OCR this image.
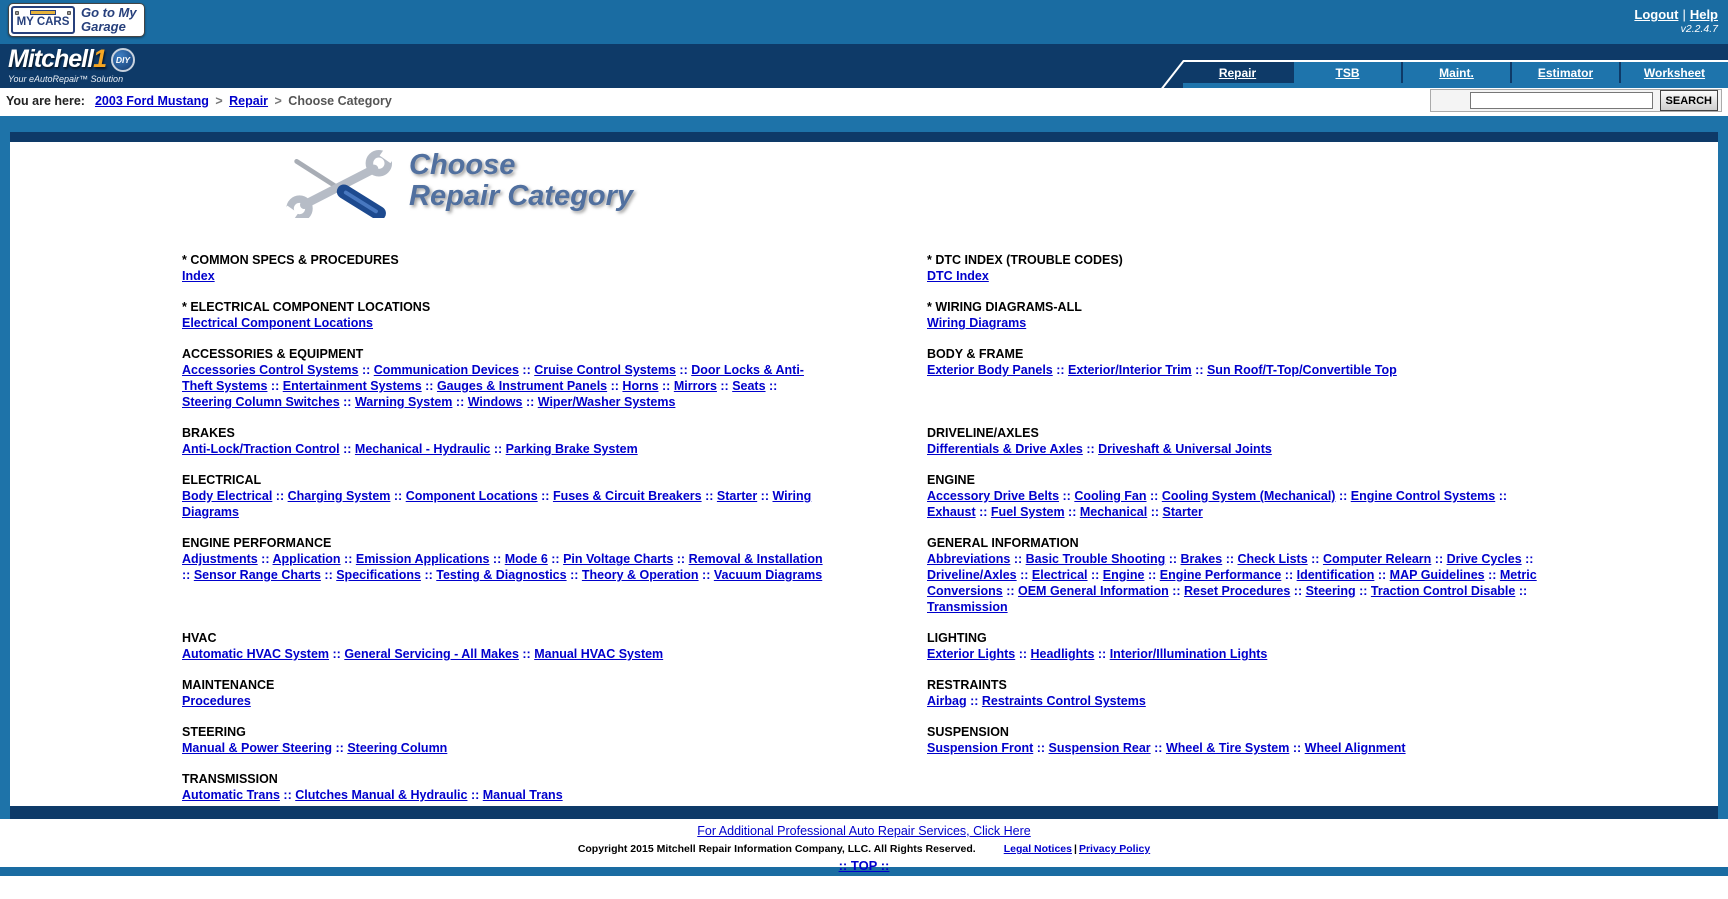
MY CARS
Go to My
Garage
Logout | Help
v2.2.4.7
Mitchell 1	DIY
Your eAutoRepair™ Solution	Repair	TSB	Maint.	Estimator	Worksheet
You are here: 2003 Ford Mustang > Repair > Choose Category	SEARCH
Choose
Repair Category
* COMMON SPECS & PROCEDURES
Index
* DTC INDEX (TROUBLE CODES)
DTC Index
* ELECTRICAL COMPONENT LOCATIONS
Electrical Component Locations
* WIRING DIAGRAMS-ALL
Wiring Diagrams
ACCESSORIES & EQUIPMENT
Accessories Control Systems :: Communication Devices :: Cruise Control Systems :: Door Locks & Anti-Theft Systems :: Entertainment Systems :: Gauges & Instrument Panels :: Horns :: Mirrors :: Seats :: Steering Column Switches :: Warning System :: Windows :: Wiper/Washer Systems
BODY & FRAME
Exterior Body Panels :: Exterior/Interior Trim :: Sun Roof/T-Top/Convertible Top
BRAKES
Anti-Lock/Traction Control :: Mechanical - Hydraulic :: Parking Brake System
DRIVELINE/AXLES
Differentials & Drive Axles :: Driveshaft & Universal Joints
ELECTRICAL
Body Electrical :: Charging System :: Component Locations :: Fuses & Circuit Breakers :: Starter :: Wiring Diagrams
ENGINE
Accessory Drive Belts :: Cooling Fan :: Cooling System (Mechanical) :: Engine Control Systems :: Exhaust :: Fuel System :: Mechanical :: Starter
ENGINE PERFORMANCE
Adjustments :: Application :: Emission Applications :: Mode 6 :: Pin Voltage Charts :: Removal & Installation :: Sensor Range Charts :: Specifications :: Testing & Diagnostics :: Theory & Operation :: Vacuum Diagrams
GENERAL INFORMATION
Abbreviations :: Basic Trouble Shooting :: Brakes :: Check Lists :: Computer Relearn :: Drive Cycles :: Driveline/Axles :: Electrical :: Engine :: Engine Performance :: Identification :: MAP Guidelines :: Metric Conversions :: OEM General Information :: Reset Procedures :: Steering :: Traction Control Disable :: Transmission
HVAC
Automatic HVAC System :: General Servicing - All Makes :: Manual HVAC System
LIGHTING
Exterior Lights :: Headlights :: Interior/Illumination Lights
MAINTENANCE
Procedures
RESTRAINTS
Airbag :: Restraints Control Systems
STEERING
Manual & Power Steering :: Steering Column
SUSPENSION
Suspension Front :: Suspension Rear :: Wheel & Tire System :: Wheel Alignment
TRANSMISSION
Automatic Trans :: Clutches Manual & Hydraulic :: Manual Trans
For Additional Professional Auto Repair Services, Click Here
Copyright 2015 Mitchell Repair Information Company, LLC. All Rights Reserved.	Legal Notices | Privacy Policy
:: TOP ::
